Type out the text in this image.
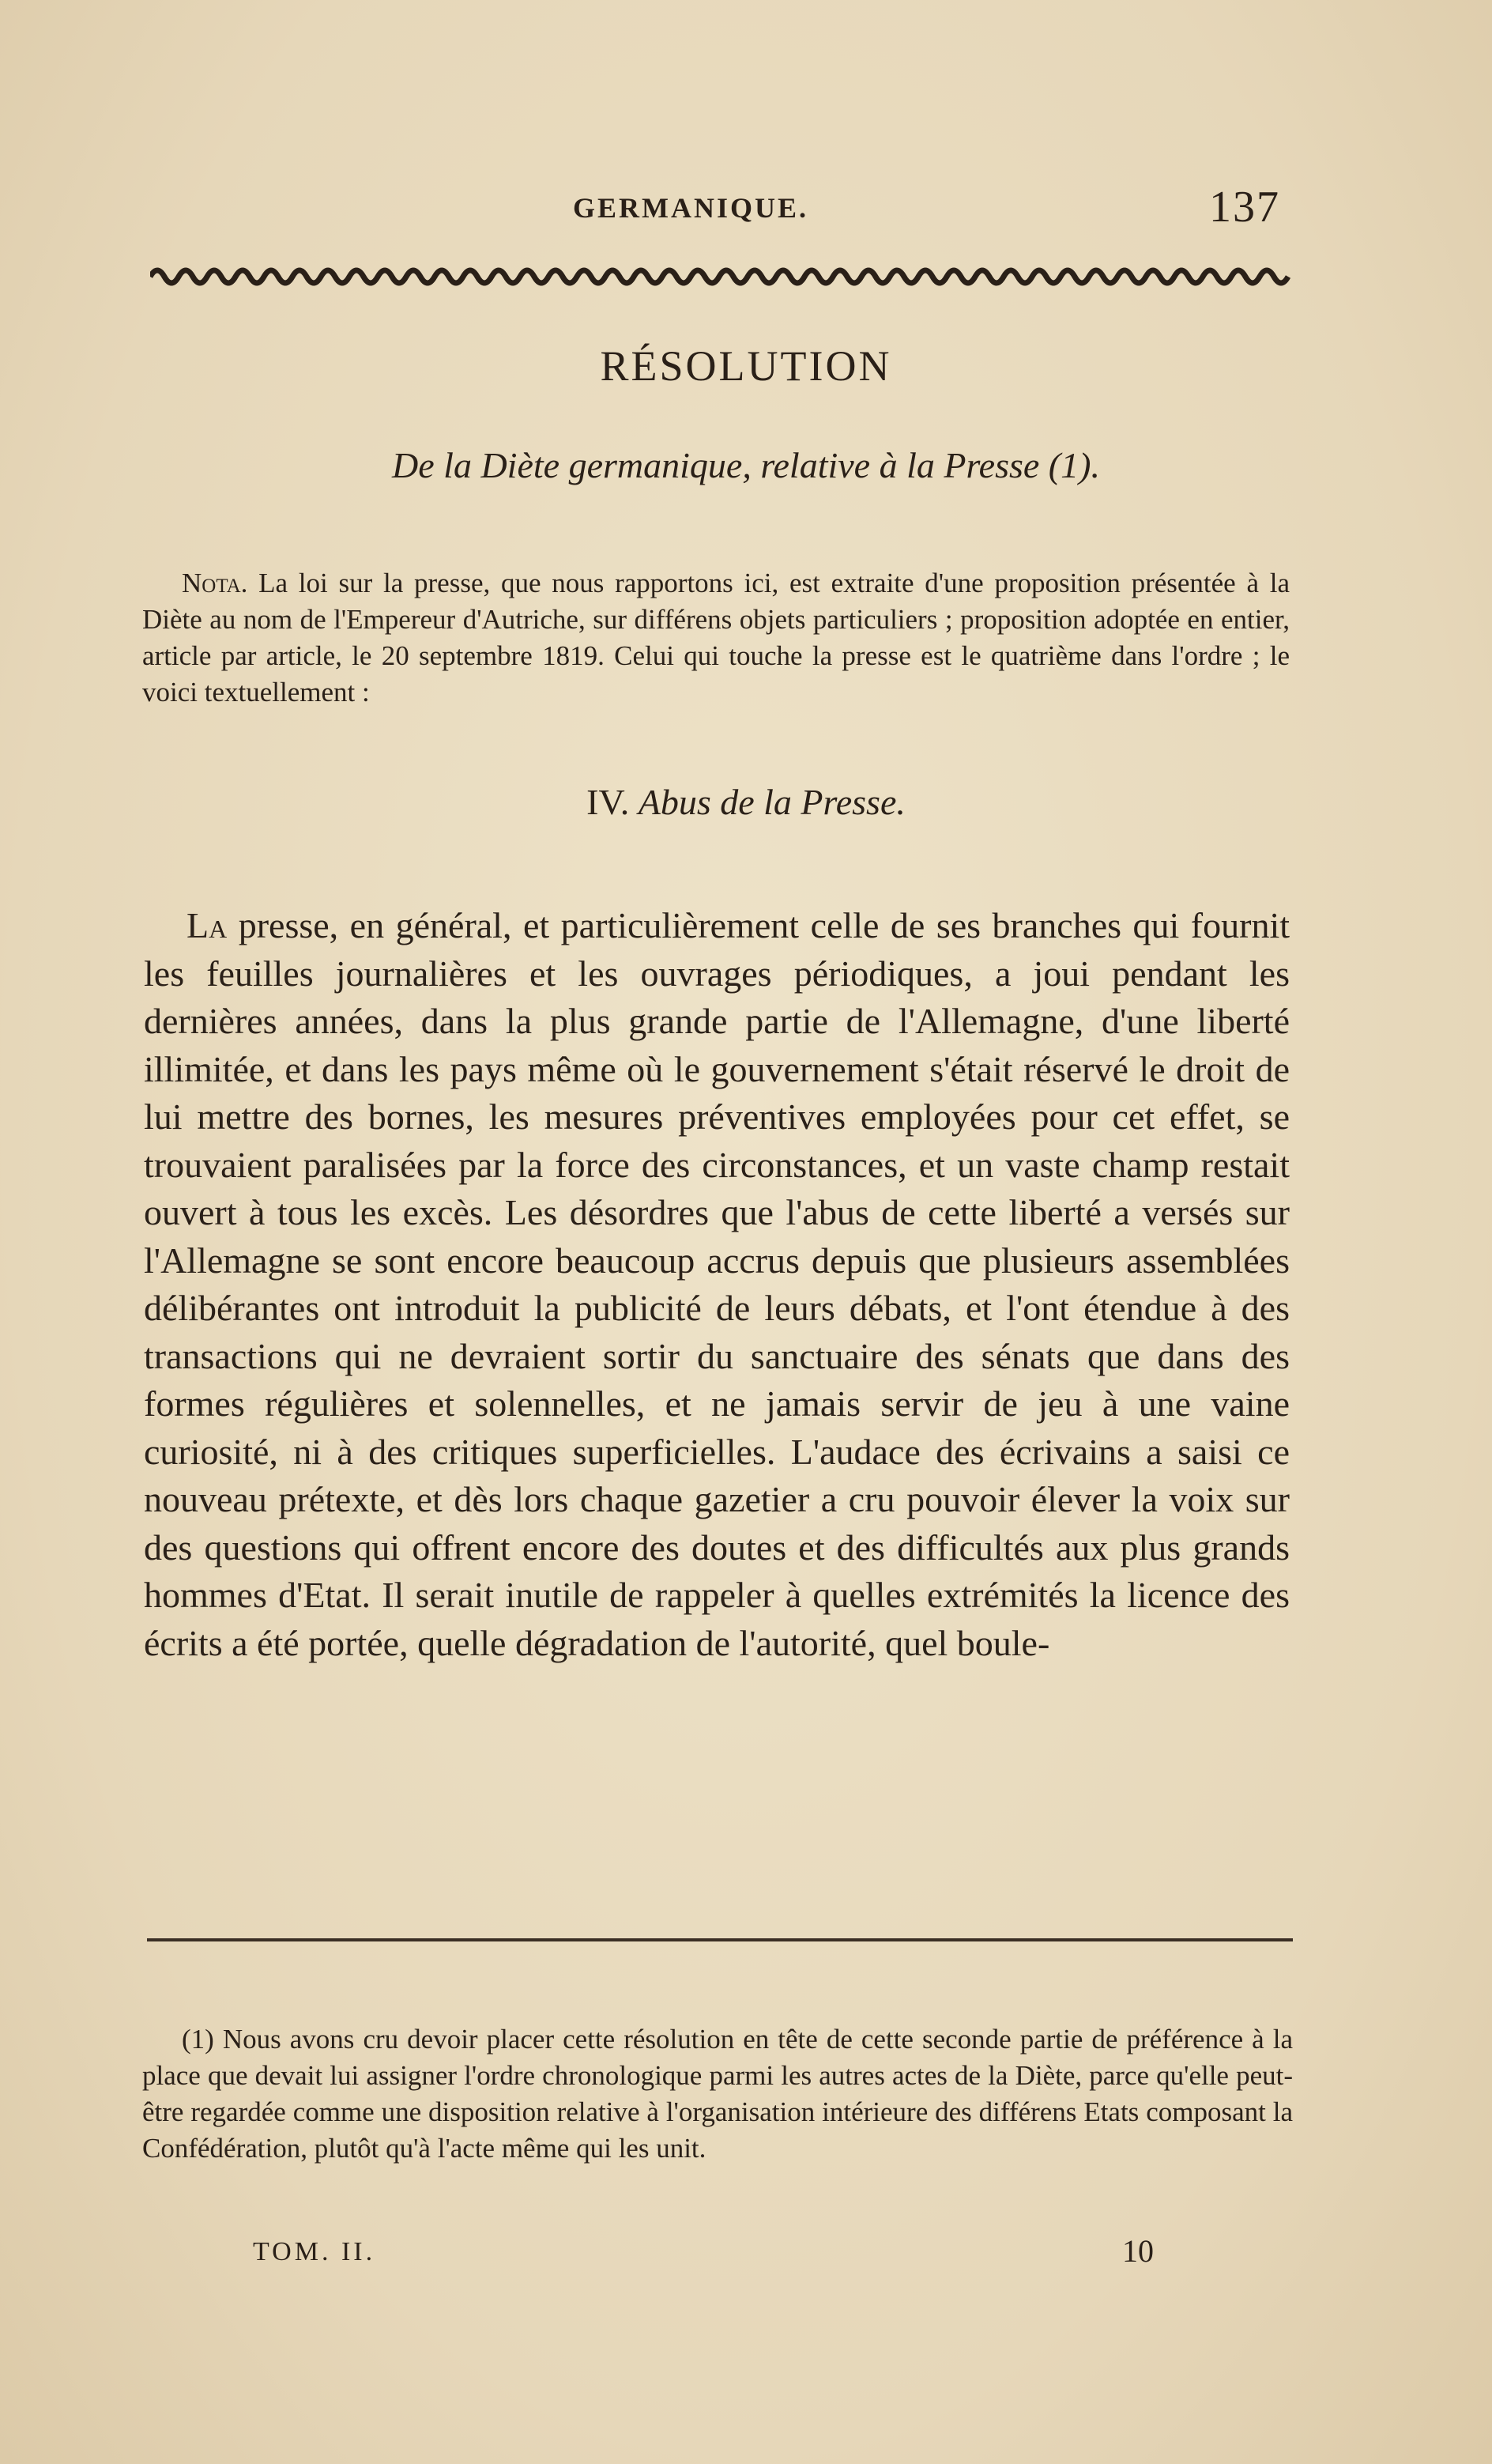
GERMANIQUE.	137
RÉSOLUTION
De la Diète germanique, relative à la Presse (1).

Nota. La loi sur la presse, que nous rapportons ici, est extraite d'une proposition présentée à la Diète au nom de l'Empereur d'Autriche, sur différens objets particuliers ; proposition adoptée en entier, article par article, le 20 septembre 1819. Celui qui touche la presse est le quatrième dans l'ordre ; le voici textuellement :

IV. Abus de la Presse.

La presse, en général, et particulièrement celle de ses branches qui fournit les feuilles journalières et les ouvrages périodiques, a joui pendant les dernières années, dans la plus grande partie de l'Allemagne, d'une liberté illimitée, et dans les pays même où le gouvernement s'était réservé le droit de lui mettre des bornes, les mesures préventives employées pour cet effet, se trouvaient paralisées par la force des circonstances, et un vaste champ restait ouvert à tous les excès. Les désordres que l'abus de cette liberté a versés sur l'Allemagne se sont encore beaucoup accrus depuis que plusieurs assemblées délibérantes ont introduit la publicité de leurs débats, et l'ont étendue à des transactions qui ne devraient sortir du sanctuaire des sénats que dans des formes régulières et solennelles, et ne jamais servir de jeu à une vaine curiosité, ni à des critiques superficielles. L'audace des écrivains a saisi ce nouveau prétexte, et dès lors chaque gazetier a cru pouvoir élever la voix sur des questions qui offrent encore des doutes et des difficultés aux plus grands hommes d'Etat. Il serait inutile de rappeler à quelles extrémités la licence des écrits a été portée, quelle dégradation de l'autorité, quel boule-

(1) Nous avons cru devoir placer cette résolution en tête de cette seconde partie de préférence à la place que devait lui assigner l'ordre chronologique parmi les autres actes de la Diète, parce qu'elle peut-être regardée comme une disposition relative à l'organisation intérieure des différens Etats composant la Confédération, plutôt qu'à l'acte même qui les unit.

TOM. II.	10
